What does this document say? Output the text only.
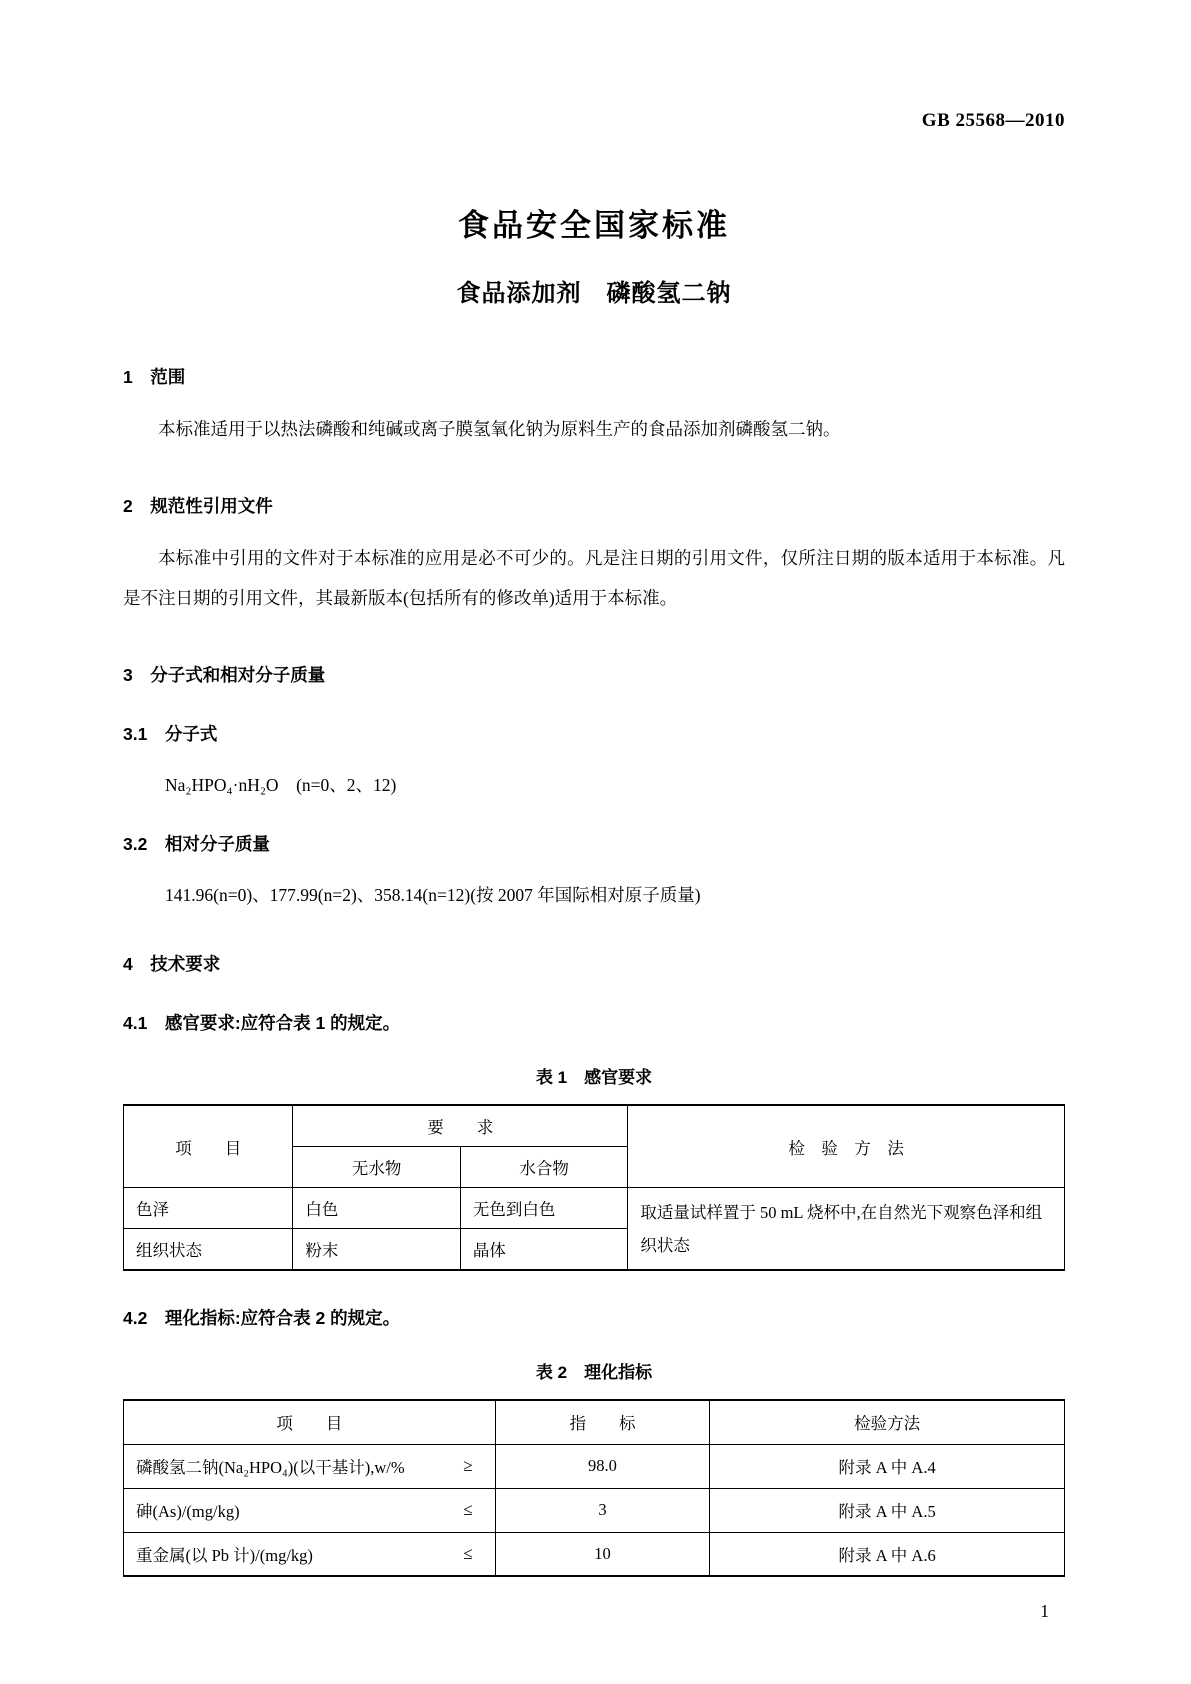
GB 25568—2010
食品安全国家标准
食品添加剂　磷酸氢二钠
1　范围
本标准适用于以热法磷酸和纯碱或离子膜氢氧化钠为原料生产的食品添加剂磷酸氢二钠。
2　规范性引用文件
本标准中引用的文件对于本标准的应用是必不可少的。凡是注日期的引用文件，仅所注日期的版本适用于本标准。凡是不注日期的引用文件，其最新版本(包括所有的修改单)适用于本标准。
3　分子式和相对分子质量
3.1　分子式
Na₂HPO₄·nH₂O　(n=0、2、12)
3.2　相对分子质量
141.96(n=0)、177.99(n=2)、358.14(n=12)(按 2007 年国际相对原子质量)
4　技术要求
4.1　感官要求:应符合表 1 的规定。
表 1　感官要求
项　　目	要　　求		检　验　方　法
	无水物	水合物	
色泽	白色	无色到白色	取适量试样置于 50 mL 烧杯中,在自然光下观察色泽和组织状态
组织状态	粉末	晶体	
4.2　理化指标:应符合表 2 的规定。
表 2　理化指标
项　　目	指　　标	检验方法

磷酸氢二钠(Na₂HPO₄)(以干基计),w/% ≥	98.0	附录 A 中 A.4

砷(As)/(mg/kg) ≤	3	附录 A 中 A.5

重金属(以 Pb 计)/(mg/kg) ≤	10	附录 A 中 A.6
1
